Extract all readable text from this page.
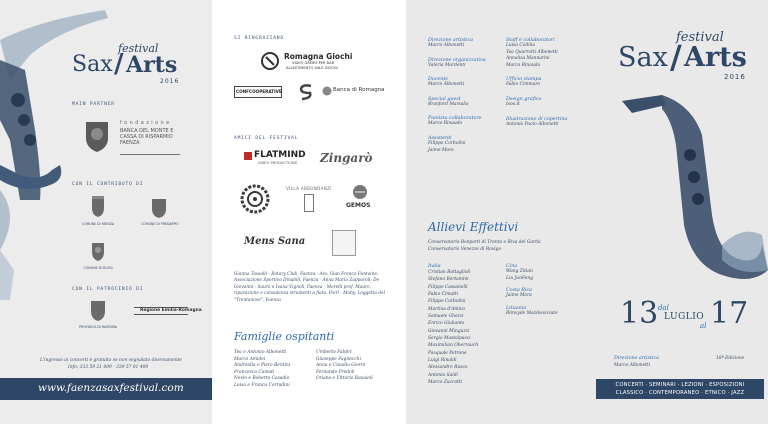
festival
Sax / Arts
2016
MAIN PARTNER
fondazione
BANCA DEL MONTE E CASSA DI RISPARMIO FAENZA
CON IL CONTRIBUTO DI
COMUNE DI FAENZA	COMUNE DI PREDAPPIO
COMUNE DI RUSSI
CON IL PATROCINIO DI
PROVINCIA DI RAVENNA
Regione Emilia-Romagna
L'ingresso ai concerti è gratuito se non segnalato diversamente
Info: 333 59 21 009 - 339 57 81 400
www.faenzasaxfestival.com
SI RINGRAZIANO
Romagna Giochi
VIDEO GAMES PER BAR
ALLESTIMENTO SALE GIOCHI
CONFCOOPERATIVE	Banca di Romagna
AMICI DEL FESTIVAL
FLATMIND
VIDEO PRODUCTIONS Zingarò
VILLA ABBONDANZI
GEMOS
Mens Sana
Gianna Tassalli - Rotary Club, Faenza - Avv. Gian Franco Fontaine: Associazione Sportiva Dinabili, Faenza - Anna Maria Zapparoli; De Giovanni - Sauro e Ivana Vignoli, Faenza - Morelli prof. Mauro, riparazione e consulenza strumenti a fiato, Forlì - Moby, Loggetta del "Trentanove", Faenza
Famiglie ospitanti
Tea e Antonio Albonetti
Marco Amidei
Andreolla e Piero Bentini
Francesco Camati
Nevio e Roberto Casadio
Luisa e Franca Corradini
Umberto Fabbri
Giuseppe Fagnocchi
Anna e Claudio Giorin
Fernando Predoli
Oriana e Vittorio Ravaioli
Direzione artistica
Marco Albonetti
Direzione organizzativa
Valeria Mordenti
Docente
Marco Albonetti
Special guest
Branford Marsalis
Pianista collaboratore
Marco Rinaudo
Assistenti
Filippo Corbolini
Jaime Mora
Staff e collaboratori
Luisa Collina
Tea Quarrotti Albonetti
Annalisa Mannarini
Marco Rinaudo
Ufficio stampa
Fabio Cimmaro
Design grafico
Isoo.it
Illustrazione di copertina
Antonio Paolo Albonetti
Allievi Effettivi
Conservatorio Bonporti di Trento e Riva del Garda
Conservatorio Venezze di Rovigo
Italia
Cristian Battaglioli
Stefano Bertamini
Filippo Cassanelli
Fabio Cimatti
Filippo Corbolini
Martina d'Amico
Samuele Ghezzi
Enrico Giuliante
Giovanni Minguzzi
Sergio Mastalpasci
Maximilian Oberrauch
Pasquale Petrone
Luigi Rinaldi
Alessandro Rusco
Antonio Saldi
Marco Zuccotti
Cina
Wang Zitian
Liu JunFeng
Costa Rica
Jaime Mora
Lituania
Rimvyde Mazikeviciute
festival
Sax / Arts
2016
13 dal
LUGLIO
al 17
Direzione artistica
Marco Albonetti
18ª Edizione
CONCERTI · SEMINARI · LEZIONI · ESPOSIZIONI
CLASSICO · CONTEMPORANEO · ETNICO · JAZZ
